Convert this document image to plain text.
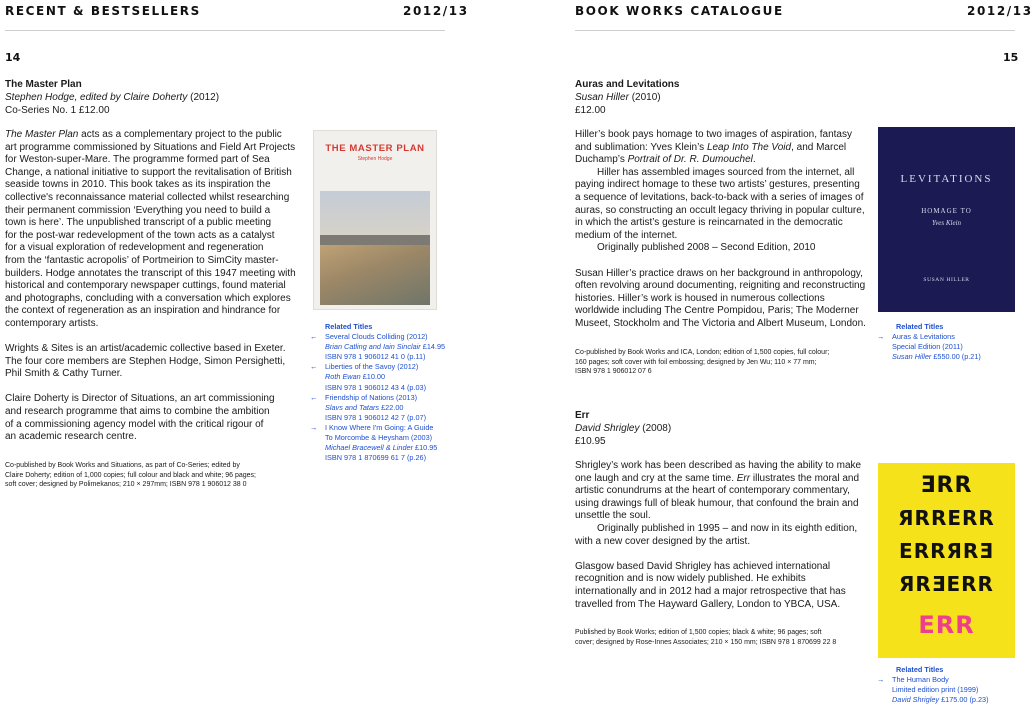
RECENT & BESTSELLERS	2012/13	BOOK WORKS CATALOGUE	2012/13
14	15
The Master Plan
Stephen Hodge, edited by Claire Doherty (2012)
Co-Series No. 1 £12.00

The Master Plan acts as a complementary project to the public

art programme commissioned by Situations and Field Art Projects

for Weston-super-Mare. The programme formed part of Sea

Change, a national initiative to support the revitalisation of British

seaside towns in 2010. This book takes as its inspiration the

collective's reconnaissance material collected whilst researching

their permanent commission ‘Everything you need to build a

town is here’. The unpublished transcript of a public meeting

for the post-war redevelopment of the town acts as a catalyst

for a visual exploration of redevelopment and regeneration

from the ‘fantastic acropolis’ of Portmeirion to SimCity master-

builders. Hodge annotates the transcript of this 1947 meeting with

historical and contemporary newspaper cuttings, found material

and photographs, concluding with a conversation which explores

the context of regeneration as an inspiration and hindrance for

contemporary artists.

Wrights & Sites is an artist/academic collective based in Exeter.

The four core members are Stephen Hodge, Simon Persighetti,

Phil Smith & Cathy Turner.

Claire Doherty is Director of Situations, an art commissioning

and research programme that aims to combine the ambition

of a commissioning agency model with the critical rigour of

an academic research centre.

Co-published by Book Works and Situations, as part of Co-Series; edited by

Claire Doherty; edition of 1,000 copies; full colour and black and white; 96 pages;

soft cover; designed by Polimekanos; 210 × 297mm; ISBN 978 1 906012 38 0

THE MASTER PLAN
Stephen Hodge
Related Titles
← Several Clouds Colliding (2012)
Brian Catling and Iain Sinclair £14.95
ISBN 978 1 906012 41 0 (p.11)
← Liberties of the Savoy (2012)
Roth Ewan £10.00
ISBN 978 1 906012 43 4 (p.03)
← Friendship of Nations (2013)
Slavs and Tatars £22.00
ISBN 978 1 906012 42 7 (p.07)
→ I Know Where I'm Going: A Guide
To Morcombe & Heysham (2003)
Michael Bracewell & Linder £10.95
ISBN 978 1 870699 61 7 (p.26)
Auras and Levitations
Susan Hiller (2010)
£12.00

Hiller’s book pays homage to two images of aspiration, fantasy

and sublimation: Yves Klein’s Leap Into The Void, and Marcel

Duchamp’s Portrait of Dr. R. Dumouchel.

Hiller has assembled images sourced from the internet, all

paying indirect homage to these two artists’ gestures, presenting

a sequence of levitations, back-to-back with a series of images of

auras, so constructing an occult legacy thriving in popular culture,

in which the artist’s gesture is reincarnated in the democratic

medium of the internet.

Originally published 2008 – Second Edition, 2010

Susan Hiller’s practice draws on her background in anthropology,

often revolving around documenting, reigniting and reconstructing

histories. Hiller’s work is housed in numerous collections

worldwide including The Centre Pompidou, Paris; The Moderner

Museet, Stockholm and The Victoria and Albert Museum, London.

Co-published by Book Works and ICA, London; edition of 1,500 copies, full colour;

160 pages; soft cover with foil embossing; designed by Jen Wu; 110 × 77 mm;

ISBN 978 1 906012 07 6

LEVITATIONS
HOMAGE TO
Yves Klein
SUSAN HILLER
Related Titles
→ Auras & Levitations
Special Edition (2011)
Susan Hiller £550.00 (p.21)
Err
David Shrigley (2008)
£10.95

Shrigley’s work has been described as having the ability to make

one laugh and cry at the same time. Err illustrates the moral and

artistic conundrums at the heart of contemporary commentary,

using drawings full of bleak humour, that confound the brain and

unsettle the soul.

Originally published in 1995 – and now in its eighth edition,

with a new cover designed by the artist.

Glasgow based David Shrigley has achieved international

recognition and is now widely published. He exhibits

internationally and in 2012 had a major retrospective that has

travelled from The Hayward Gallery, London to YBCA, USA.

Published by Book Works; edition of 1,500 copies; black & white; 96 pages; soft

cover; designed by Rose-Innes Associates; 210 × 150 mm; ISBN 978 1 870699 22 8

ƎRR
ЯRRERR
ERRЯRƎ
ЯRƎERR
ERR
Related Titles
→ The Human Body
Limited edition print (1999)
David Shrigley £175.00 (p.23)
